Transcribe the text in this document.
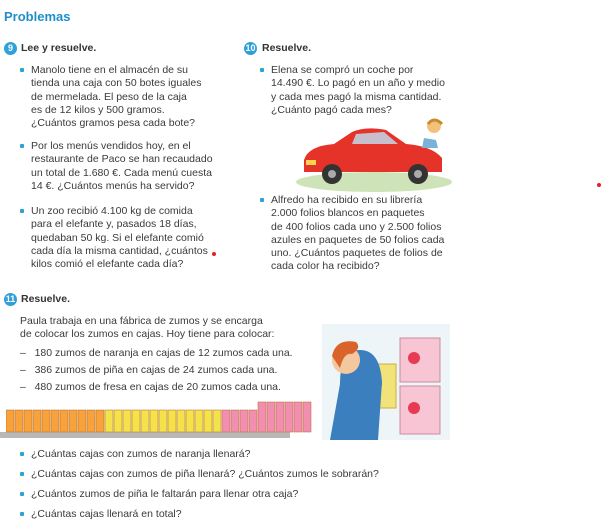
Problemas
9 Lee y resuelve.
Manolo tiene en el almacén de su
tienda una caja con 50 botes iguales
de mermelada. El peso de la caja
es de 12 kilos y 500 gramos.
¿Cuántos gramos pesa cada bote?
Por los menús vendidos hoy, en el
restaurante de Paco se han recaudado
un total de 1.680 €. Cada menú cuesta
14 €. ¿Cuántos menús ha servido?
Un zoo recibió 4.100 kg de comida
para el elefante y, pasados 18 días,
quedaban 50 kg. Si el elefante comió
cada día la misma cantidad, ¿cuántos
kilos comió el elefante cada día?
10 Resuelve.
Elena se compró un coche por
14.490 €. Lo pagó en un año y medio
y cada mes pagó la misma cantidad.
¿Cuánto pagó cada mes?
Alfredo ha recibido en su librería
2.000 folios blancos en paquetes
de 400 folios cada uno y 2.500 folios
azules en paquetes de 50 folios cada
uno. ¿Cuántos paquetes de folios de
cada color ha recibido?
11 Resuelve.
Paula trabaja en una fábrica de zumos y se encarga
de colocar los zumos en cajas. Hoy tiene para colocar:
–   180 zumos de naranja en cajas de 12 zumos cada una.
–   386 zumos de piña en cajas de 24 zumos cada una.
–   480 zumos de fresa en cajas de 20 zumos cada una.
¿Cuántas cajas con zumos de naranja llenará?
¿Cuántas cajas con zumos de piña llenará? ¿Cuántos zumos le sobrarán?
¿Cuántos zumos de piña le faltarán para llenar otra caja?
¿Cuántas cajas llenará en total?
